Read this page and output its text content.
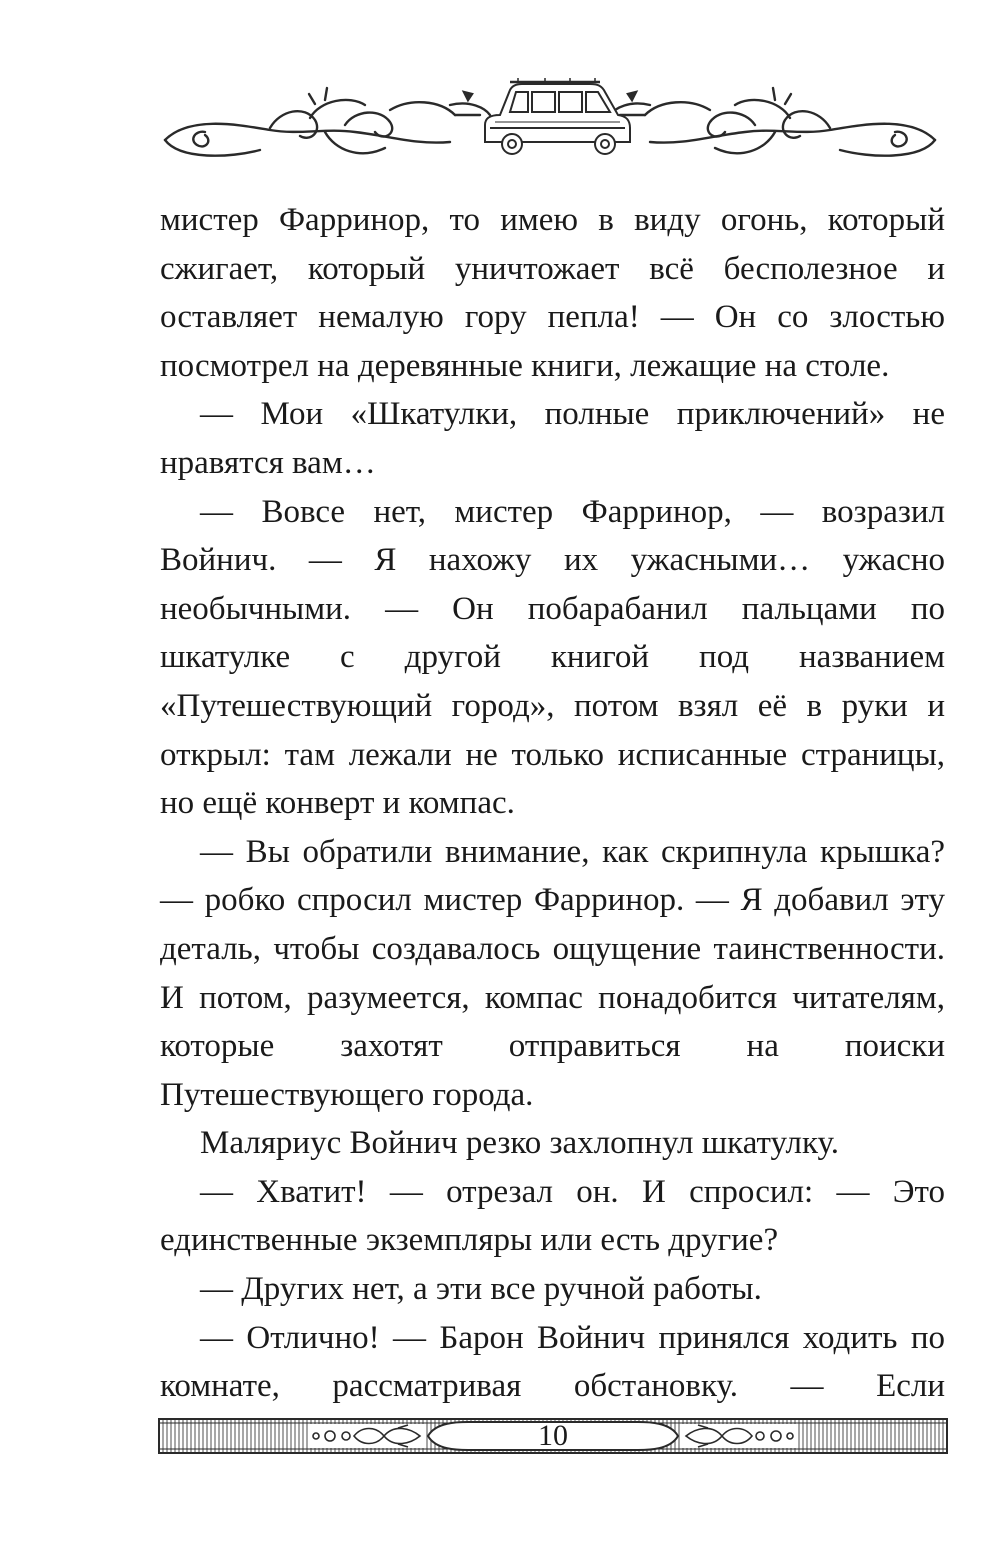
мистер Фарринор, то имею в виду огонь, который сжигает, который уничтожает всё бесполезное и оставляет немалую гору пепла! — Он со злостью посмотрел на деревянные книги, лежащие на столе.

— Мои «Шкатулки, полные приключений» не нравятся вам…

— Вовсе нет, мистер Фарринор, — возразил Войнич. — Я нахожу их ужасными… ужасно необычными. — Он побарабанил пальцами по шкатулке с другой книгой под названием «Путешествующий город», потом взял её в руки и открыл: там лежали не только исписанные страницы, но ещё конверт и компас.

— Вы обратили внимание, как скрипнула крышка? — робко спросил мистер Фарринор. — Я добавил эту деталь, чтобы создавалось ощущение таинственности. И потом, разумеется, компас понадобится читателям, которые захотят отправиться на поиски Путешествующего города.

Маляриус Войнич резко захлопнул шкатулку.

— Хватит! — отрезал он. И спросил: — Это единственные экземпляры или есть другие?

— Других нет, а эти все ручной работы.

— Отлично! — Барон Войнич принялся ходить по комнате, рассматривая обстановку. — Если

10
